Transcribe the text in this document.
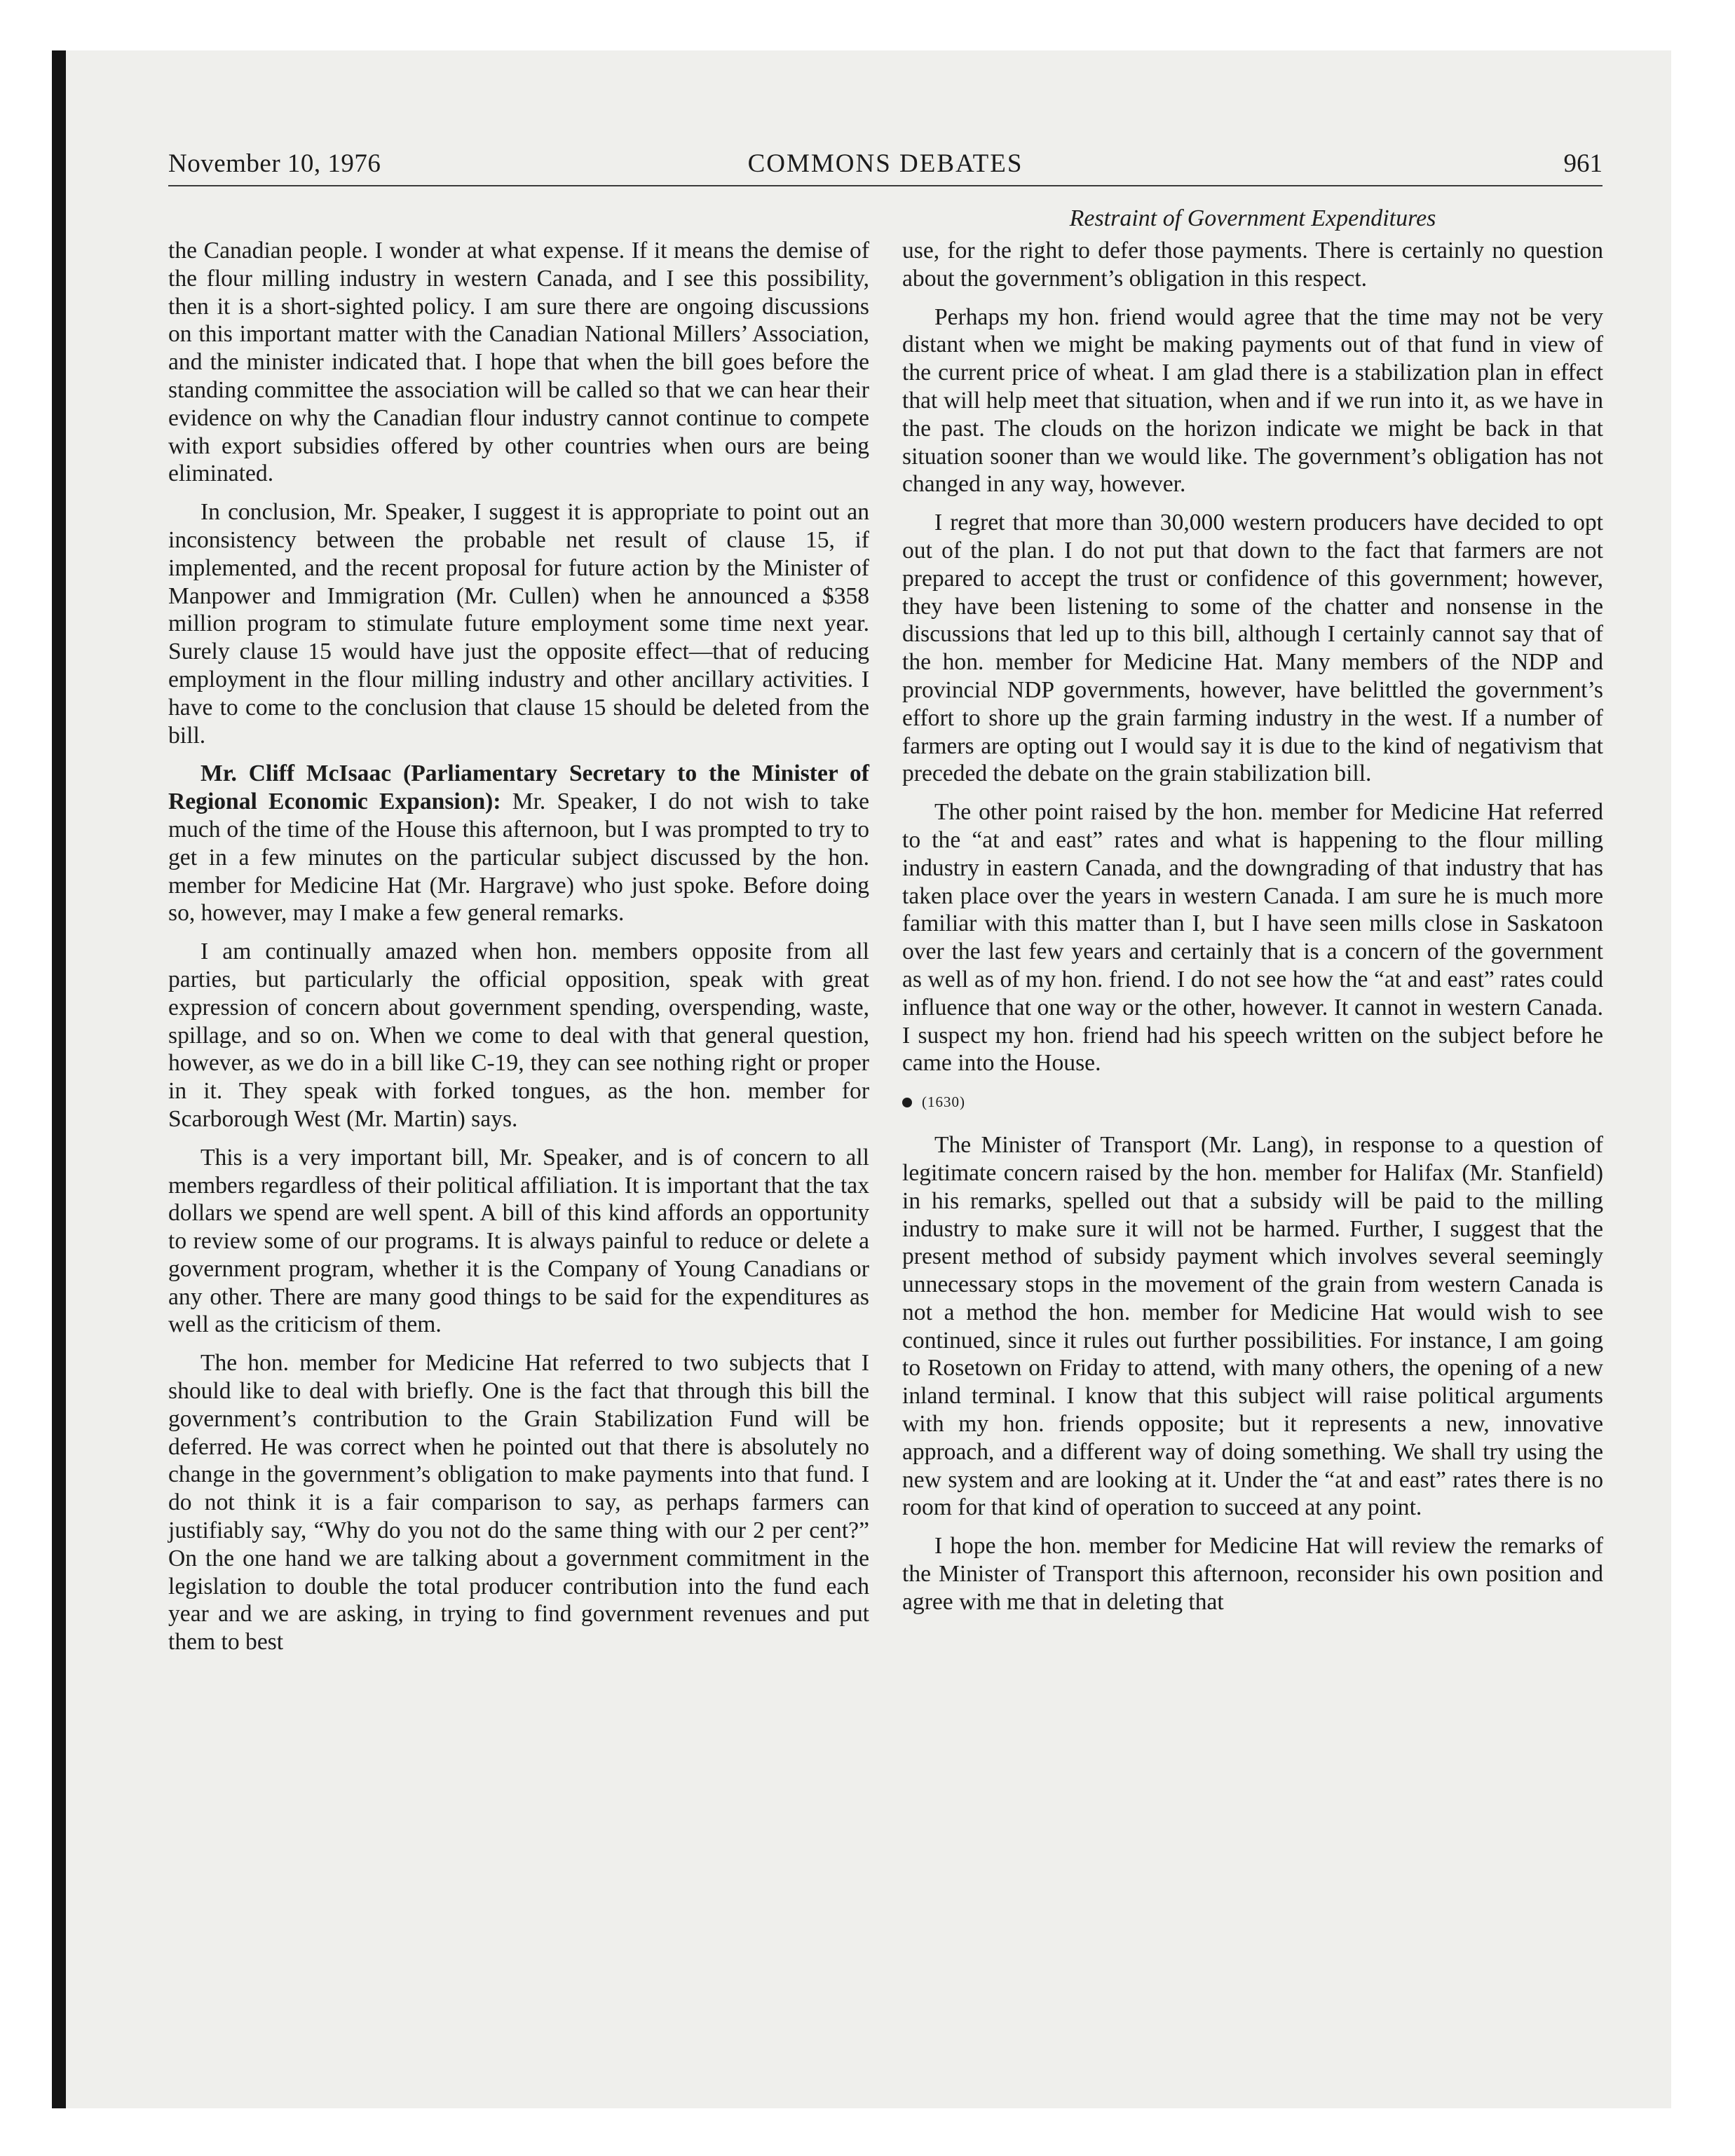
November 10, 1976	COMMONS DEBATES	961

the Canadian people. I wonder at what expense. If it means the demise of the flour milling industry in western Canada, and I see this possibility, then it is a short-sighted policy. I am sure there are ongoing discussions on this important matter with the Canadian National Millers’ Association, and the minister indicated that. I hope that when the bill goes before the standing committee the association will be called so that we can hear their evidence on why the Canadian flour industry cannot continue to compete with export subsidies offered by other countries when ours are being eliminated.

In conclusion, Mr. Speaker, I suggest it is appropriate to point out an inconsistency between the probable net result of clause 15, if implemented, and the recent proposal for future action by the Minister of Manpower and Immigration (Mr. Cullen) when he announced a $358 million program to stimulate future employment some time next year. Surely clause 15 would have just the opposite effect—that of reducing employment in the flour milling industry and other ancillary activities. I have to come to the conclusion that clause 15 should be deleted from the bill.

Mr. Cliff McIsaac (Parliamentary Secretary to the Minister of Regional Economic Expansion): Mr. Speaker, I do not wish to take much of the time of the House this afternoon, but I was prompted to try to get in a few minutes on the particular subject discussed by the hon. member for Medicine Hat (Mr. Hargrave) who just spoke. Before doing so, however, may I make a few general remarks.

I am continually amazed when hon. members opposite from all parties, but particularly the official opposition, speak with great expression of concern about government spending, overspending, waste, spillage, and so on. When we come to deal with that general question, however, as we do in a bill like C-19, they can see nothing right or proper in it. They speak with forked tongues, as the hon. member for Scarborough West (Mr. Martin) says.

This is a very important bill, Mr. Speaker, and is of concern to all members regardless of their political affiliation. It is important that the tax dollars we spend are well spent. A bill of this kind affords an opportunity to review some of our programs. It is always painful to reduce or delete a government program, whether it is the Company of Young Canadians or any other. There are many good things to be said for the expenditures as well as the criticism of them.

The hon. member for Medicine Hat referred to two subjects that I should like to deal with briefly. One is the fact that through this bill the government’s contribution to the Grain Stabilization Fund will be deferred. He was correct when he pointed out that there is absolutely no change in the government’s obligation to make payments into that fund. I do not think it is a fair comparison to say, as perhaps farmers can justifiably say, “Why do you not do the same thing with our 2 per cent?” On the one hand we are talking about a government commitment in the legislation to double the total producer contribution into the fund each year and we are asking, in trying to find government revenues and put them to best

Restraint of Government Expenditures

use, for the right to defer those payments. There is certainly no question about the government’s obligation in this respect.

Perhaps my hon. friend would agree that the time may not be very distant when we might be making payments out of that fund in view of the current price of wheat. I am glad there is a stabilization plan in effect that will help meet that situation, when and if we run into it, as we have in the past. The clouds on the horizon indicate we might be back in that situation sooner than we would like. The government’s obligation has not changed in any way, however.

I regret that more than 30,000 western producers have decided to opt out of the plan. I do not put that down to the fact that farmers are not prepared to accept the trust or confidence of this government; however, they have been listening to some of the chatter and nonsense in the discussions that led up to this bill, although I certainly cannot say that of the hon. member for Medicine Hat. Many members of the NDP and provincial NDP governments, however, have belittled the government’s effort to shore up the grain farming industry in the west. If a number of farmers are opting out I would say it is due to the kind of negativism that preceded the debate on the grain stabilization bill.

The other point raised by the hon. member for Medicine Hat referred to the “at and east” rates and what is happening to the flour milling industry in eastern Canada, and the downgrading of that industry that has taken place over the years in western Canada. I am sure he is much more familiar with this matter than I, but I have seen mills close in Saskatoon over the last few years and certainly that is a concern of the government as well as of my hon. friend. I do not see how the “at and east” rates could influence that one way or the other, however. It cannot in western Canada. I suspect my hon. friend had his speech written on the subject before he came into the House.

(1630)

The Minister of Transport (Mr. Lang), in response to a question of legitimate concern raised by the hon. member for Halifax (Mr. Stanfield) in his remarks, spelled out that a subsidy will be paid to the milling industry to make sure it will not be harmed. Further, I suggest that the present method of subsidy payment which involves several seemingly unnecessary stops in the movement of the grain from western Canada is not a method the hon. member for Medicine Hat would wish to see continued, since it rules out further possibilities. For instance, I am going to Rosetown on Friday to attend, with many others, the opening of a new inland terminal. I know that this subject will raise political arguments with my hon. friends opposite; but it represents a new, innovative approach, and a different way of doing something. We shall try using the new system and are looking at it. Under the “at and east” rates there is no room for that kind of operation to succeed at any point.

I hope the hon. member for Medicine Hat will review the remarks of the Minister of Transport this afternoon, reconsider his own position and agree with me that in deleting that
